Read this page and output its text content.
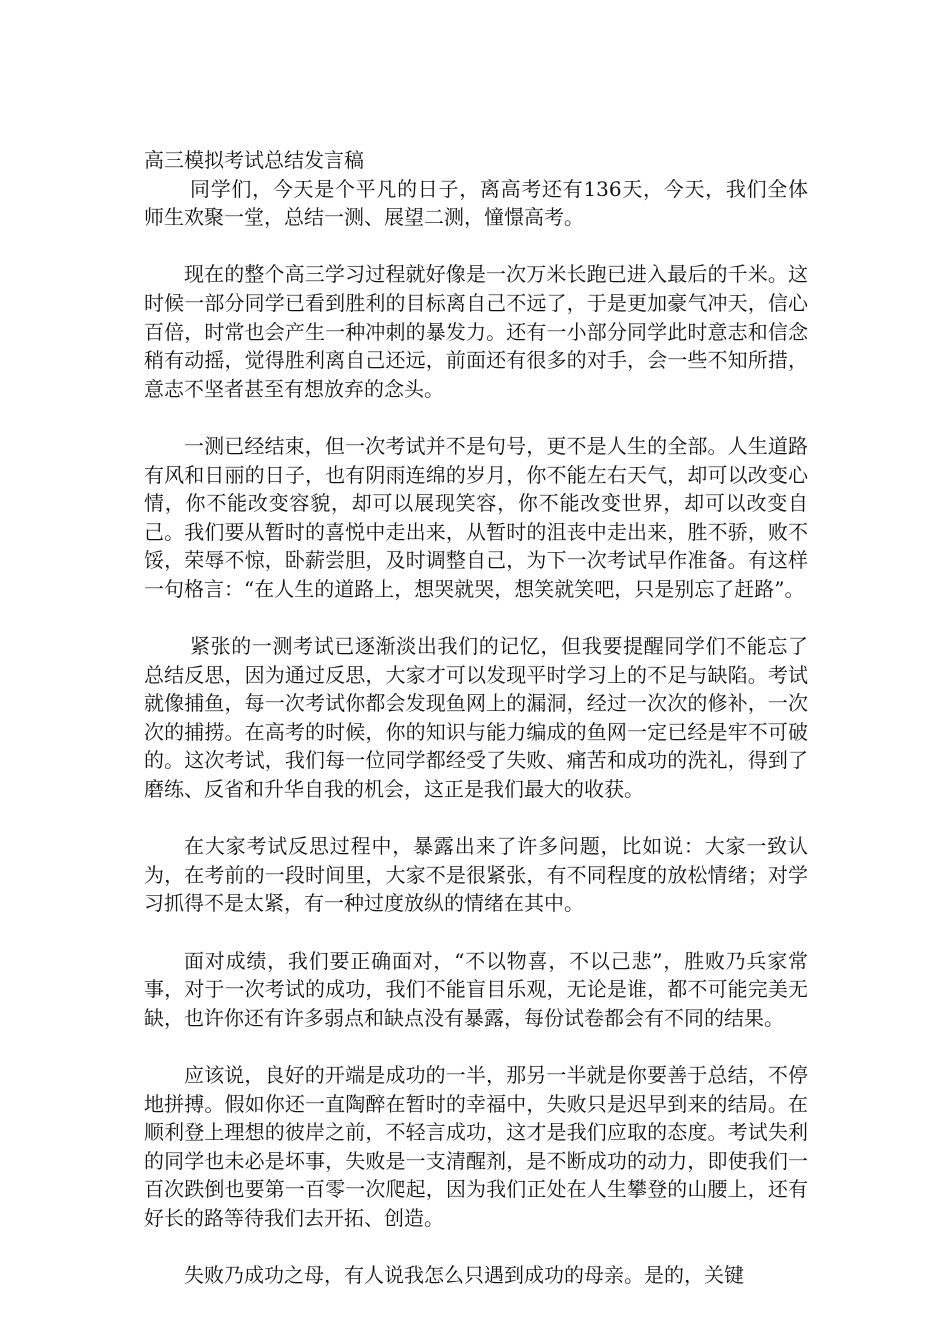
高三模拟考试总结发言稿

同学们，今天是个平凡的日子，离高考还有136天，今天，我们全体师生欢聚一堂，总结一测、展望二测，憧憬高考。

现在的整个高三学习过程就好像是一次万米长跑已进入最后的千米。这时候一部分同学已看到胜利的目标离自己不远了，于是更加豪气冲天，信心百倍，时常也会产生一种冲刺的暴发力。还有一小部分同学此时意志和信念稍有动摇，觉得胜利离自己还远，前面还有很多的对手，会一些不知所措，意志不坚者甚至有想放弃的念头。

一测已经结束，但一次考试并不是句号，更不是人生的全部。人生道路有风和日丽的日子，也有阴雨连绵的岁月，你不能左右天气，却可以改变心情，你不能改变容貌，却可以展现笑容，你不能改变世界，却可以改变自己。我们要从暂时的喜悦中走出来，从暂时的沮丧中走出来，胜不骄，败不馁，荣辱不惊，卧薪尝胆，及时调整自己，为下一次考试早作准备。有这样一句格言：“在人生的道路上，想哭就哭，想笑就笑吧，只是别忘了赶路”。

紧张的一测考试已逐渐淡出我们的记忆，但我要提醒同学们不能忘了总结反思，因为通过反思，大家才可以发现平时学习上的不足与缺陷。考试就像捕鱼，每一次考试你都会发现鱼网上的漏洞，经过一次次的修补，一次次的捕捞。在高考的时候，你的知识与能力编成的鱼网一定已经是牢不可破的。这次考试，我们每一位同学都经受了失败、痛苦和成功的洗礼，得到了磨练、反省和升华自我的机会，这正是我们最大的收获。

在大家考试反思过程中，暴露出来了许多问题，比如说：大家一致认为，在考前的一段时间里，大家不是很紧张，有不同程度的放松情绪；对学习抓得不是太紧，有一种过度放纵的情绪在其中。

面对成绩，我们要正确面对，“不以物喜，不以己悲”，胜败乃兵家常事，对于一次考试的成功，我们不能盲目乐观，无论是谁，都不可能完美无缺，也许你还有许多弱点和缺点没有暴露，每份试卷都会有不同的结果。

应该说，良好的开端是成功的一半，那另一半就是你要善于总结，不停地拼搏。假如你还一直陶醉在暂时的幸福中，失败只是迟早到来的结局。在顺利登上理想的彼岸之前，不轻言成功，这才是我们应取的态度。考试失利的同学也未必是坏事，失败是一支清醒剂，是不断成功的动力，即使我们一百次跌倒也要第一百零一次爬起，因为我们正处在人生攀登的山腰上，还有好长的路等待我们去开拓、创造。

失败乃成功之母，有人说我怎么只遇到成功的母亲。是的，关键
